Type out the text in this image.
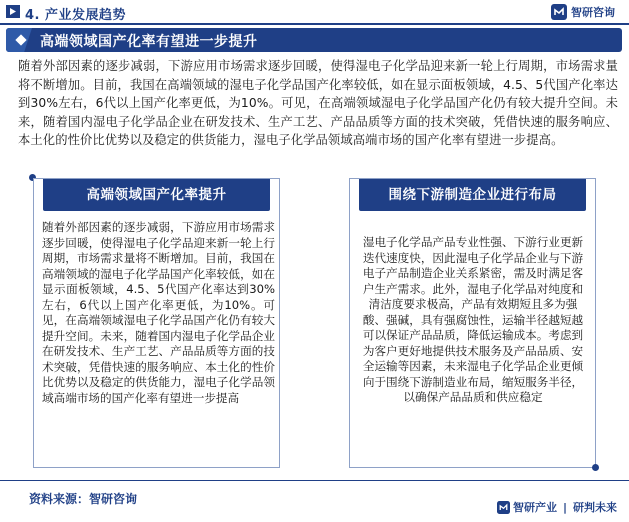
4. 产业发展趋势	智研咨询
高端领域国产化率有望进一步提升
随着外部因素的逐步减弱，下游应用市场需求逐步回暖，使得湿电子化学品迎来新一轮上行周期，市场需求量将不断增加。目前，我国在高端领域的湿电子化学品国产化率较低，如在显示面板领域，4.5、5代国产化率达到30%左右，6代以上国产化率更低，为10%。可见，在高端领域湿电子化学品国产化仍有较大提升空间。未来，随着国内湿电子化学品企业在研发技术、生产工艺、产品品质等方面的技术突破，凭借快速的服务响应、本土化的性价比优势以及稳定的供货能力，湿电子化学品领域高端市场的国产化率有望进一步提高。
高端领域国产化率提升
随着外部因素的逐步减弱，下游应用市场需求逐步回暖，使得湿电子化学品迎来新一轮上行周期，市场需求量将不断增加。目前，我国在高端领域的湿电子化学品国产化率较低，如在显示面板领域，4.5、5代国产化率达到30%左右，6代以上国产化率更低，为10%。可见，在高端领域湿电子化学品国产化仍有较大提升空间。未来，随着国内湿电子化学品企业在研发技术、生产工艺、产品品质等方面的技术突破，凭借快速的服务响应、本土化的性价比优势以及稳定的供货能力，湿电子化学品领域高端市场的国产化率有望进一步提高
围绕下游制造企业进行布局
湿电子化学品产品专业性强、下游行业更新迭代速度快，因此湿电子化学品企业与下游电子产品制造企业关系紧密，需及时满足客户生产需求。此外，湿电子化学品对纯度和清洁度要求极高，产品有效期短且多为强酸、强碱，具有强腐蚀性，运输半径越短越可以保证产品品质，降低运输成本。考虑到为客户更好地提供技术服务及产品品质、安全运输等因素，未来湿电子化学品企业更倾向于围绕下游制造业布局，缩短服务半径，以确保产品品质和供应稳定
资料来源：智研咨询
智研产业 | 研判未来
